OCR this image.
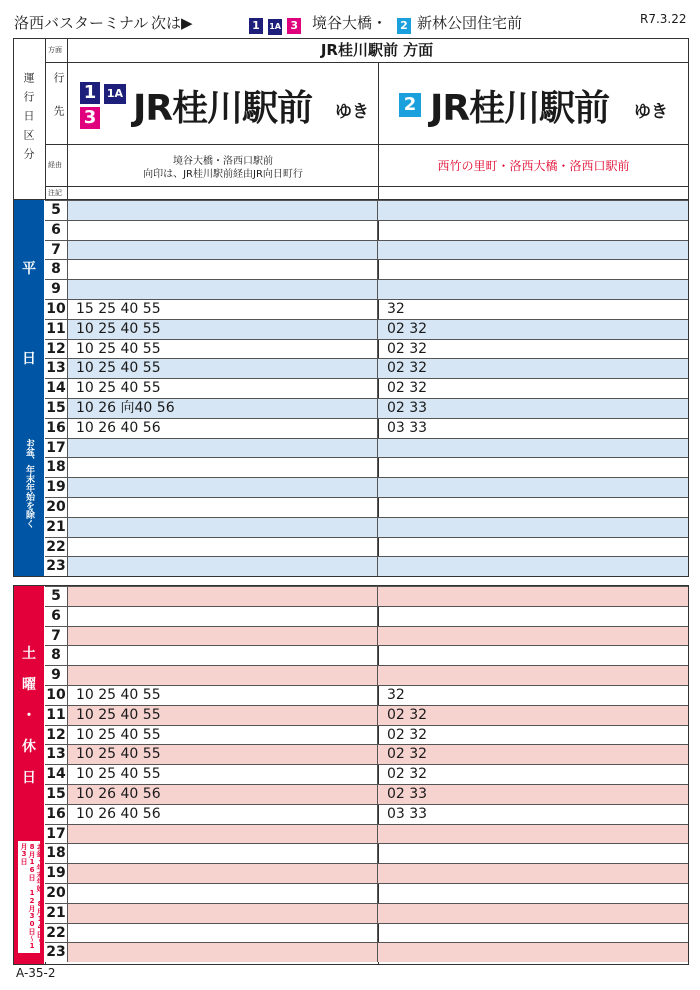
洛西バスターミナル 次は▶	1 1A 3 境谷大橋・ 2 新林公団住宅前	R7.3.22
運行日区分
方面
行先
経由
注記
JR桂川駅前 方面
1 1A
3 JR桂川駅前 ゆき 2 JR桂川駅前 ゆき
境谷大橋・洛西口駅前
向印は、JR桂川駅前経由JR向日町行
西竹の里町・洛西大橋・洛西口駅前
平
日
お盆、年末年始を除く
5
6
7
8
9
10 15 25 40 55	32
11 10 25 40 55	02 32
12 10 25 40 55	02 32
13 10 25 40 55	02 32
14 10 25 40 55	02 32
15 10 26 向40 56	02 33
16 10 26 40 56	03 33
17
18
19
20
21
22
23
土
曜
・
休
日
お盆・年末年始 8月14日〜8月16日 12月30日〜1月3日
5
6
7
8
9
10 10 25 40 55	32
11 10 25 40 55	02 32
12 10 25 40 55	02 32
13 10 25 40 55	02 32
14 10 25 40 55	02 32
15 10 26 40 56	02 33
16 10 26 40 56	03 33
17
18
19
20
21
22
23
A-35-2
